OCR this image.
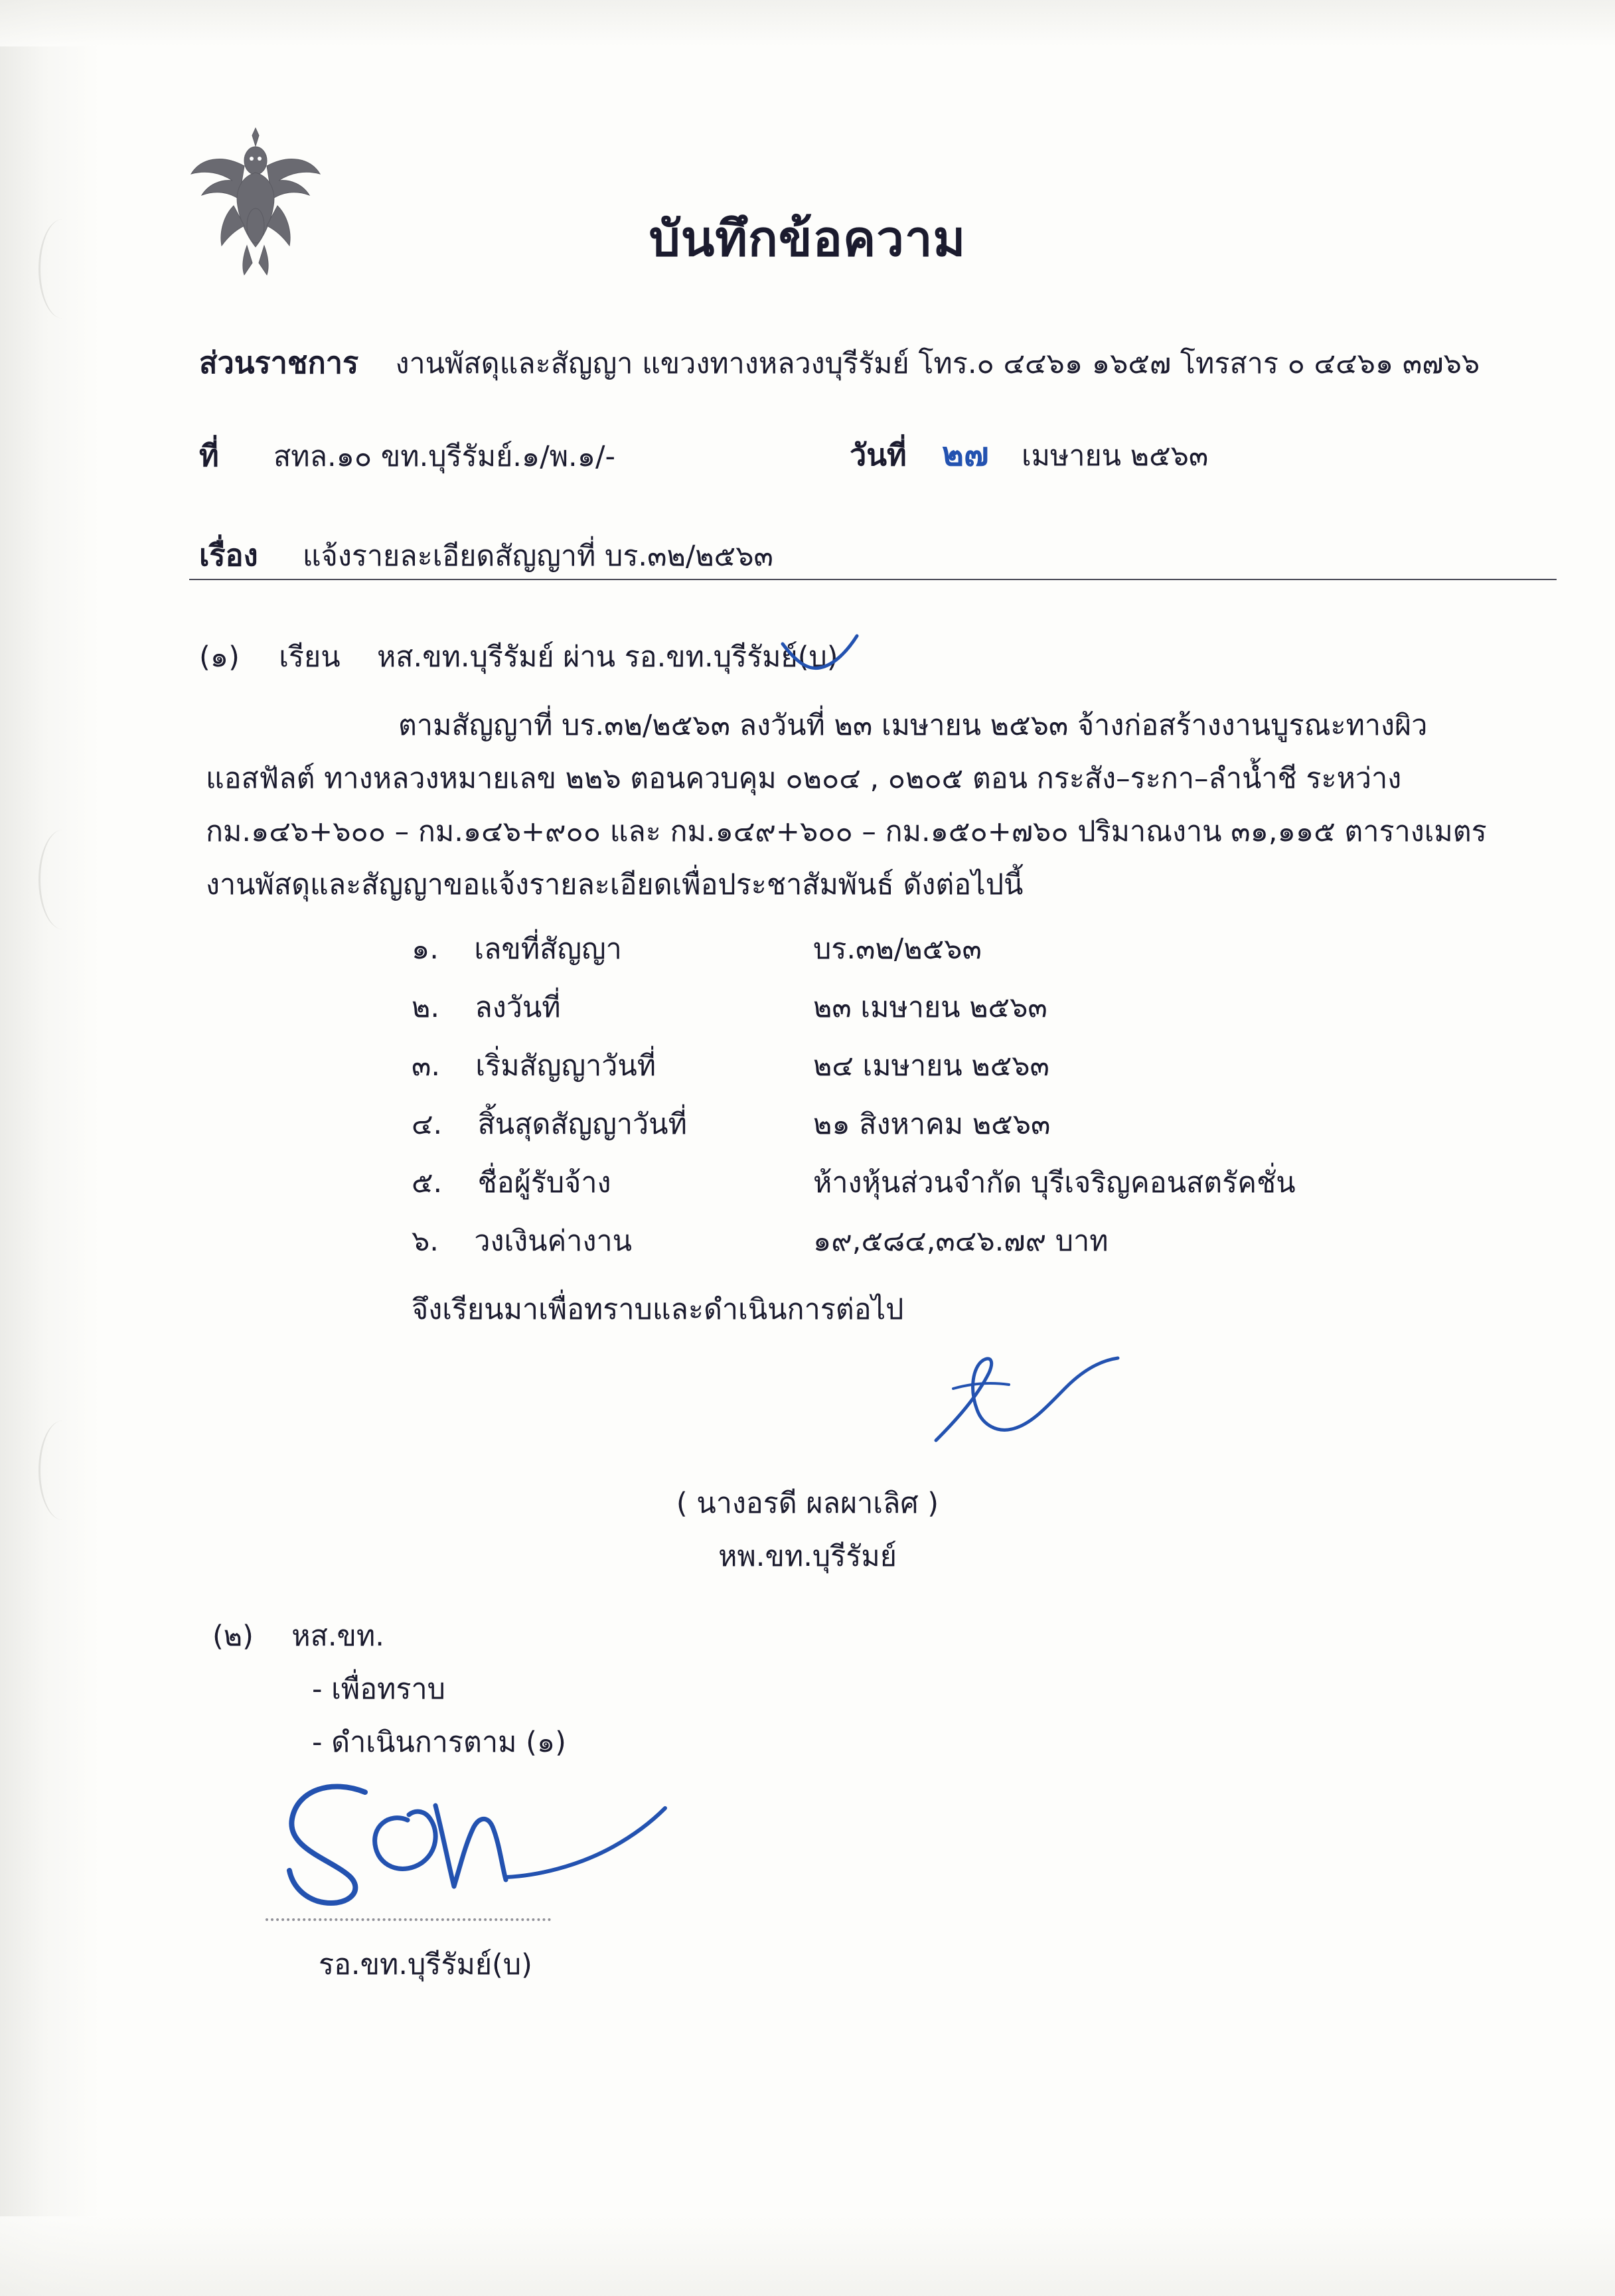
บันทึกข้อความ
ส่วนราชการ งานพัสดุและสัญญา แขวงทางหลวงบุรีรัมย์ โทร.๐ ๔๔๖๑ ๑๖๕๗ โทรสาร ๐ ๔๔๖๑ ๓๗๖๖
ที่ สทล.๑๐ ขท.บุรีรัมย์.๑/พ.๑/-	วันที่ ๒๗ เมษายน ๒๕๖๓
เรื่อง แจ้งรายละเอียดสัญญาที่ บร.๓๒/๒๕๖๓
(๑) เรียน หส.ขท.บุรีรัมย์ ผ่าน รอ.ขท.บุรีรัมย์(บ)
ตามสัญญาที่ บร.๓๒/๒๕๖๓ ลงวันที่ ๒๓ เมษายน ๒๕๖๓ จ้างก่อสร้างงานบูรณะทางผิว
แอสฟัลต์ ทางหลวงหมายเลข ๒๒๖ ตอนควบคุม ๐๒๐๔ , ๐๒๐๕ ตอน กระสัง–ระกา–ลำน้ำชี ระหว่าง
กม.๑๔๖+๖๐๐ – กม.๑๔๖+๙๐๐ และ กม.๑๔๙+๖๐๐ – กม.๑๕๐+๗๖๐ ปริมาณงาน ๓๑,๑๑๕ ตารางเมตร
งานพัสดุและสัญญาขอแจ้งรายละเอียดเพื่อประชาสัมพันธ์ ดังต่อไปนี้
๑. เลขที่สัญญา	บร.๓๒/๒๕๖๓
๒. ลงวันที่	๒๓ เมษายน ๒๕๖๓
๓. เริ่มสัญญาวันที่	๒๔ เมษายน ๒๕๖๓
๔. สิ้นสุดสัญญาวันที่	๒๑ สิงหาคม ๒๕๖๓
๕. ชื่อผู้รับจ้าง	ห้างหุ้นส่วนจำกัด บุรีเจริญคอนสตรัคชั่น
๖. วงเงินค่างาน	๑๙,๕๘๔,๓๔๖.๗๙ บาท
จึงเรียนมาเพื่อทราบและดำเนินการต่อไป
( นางอรดี ผลผาเลิศ )
หพ.ขท.บุรีรัมย์
(๒) หส.ขท.
- เพื่อทราบ
- ดำเนินการตาม (๑)
รอ.ขท.บุรีรัมย์(บ)
